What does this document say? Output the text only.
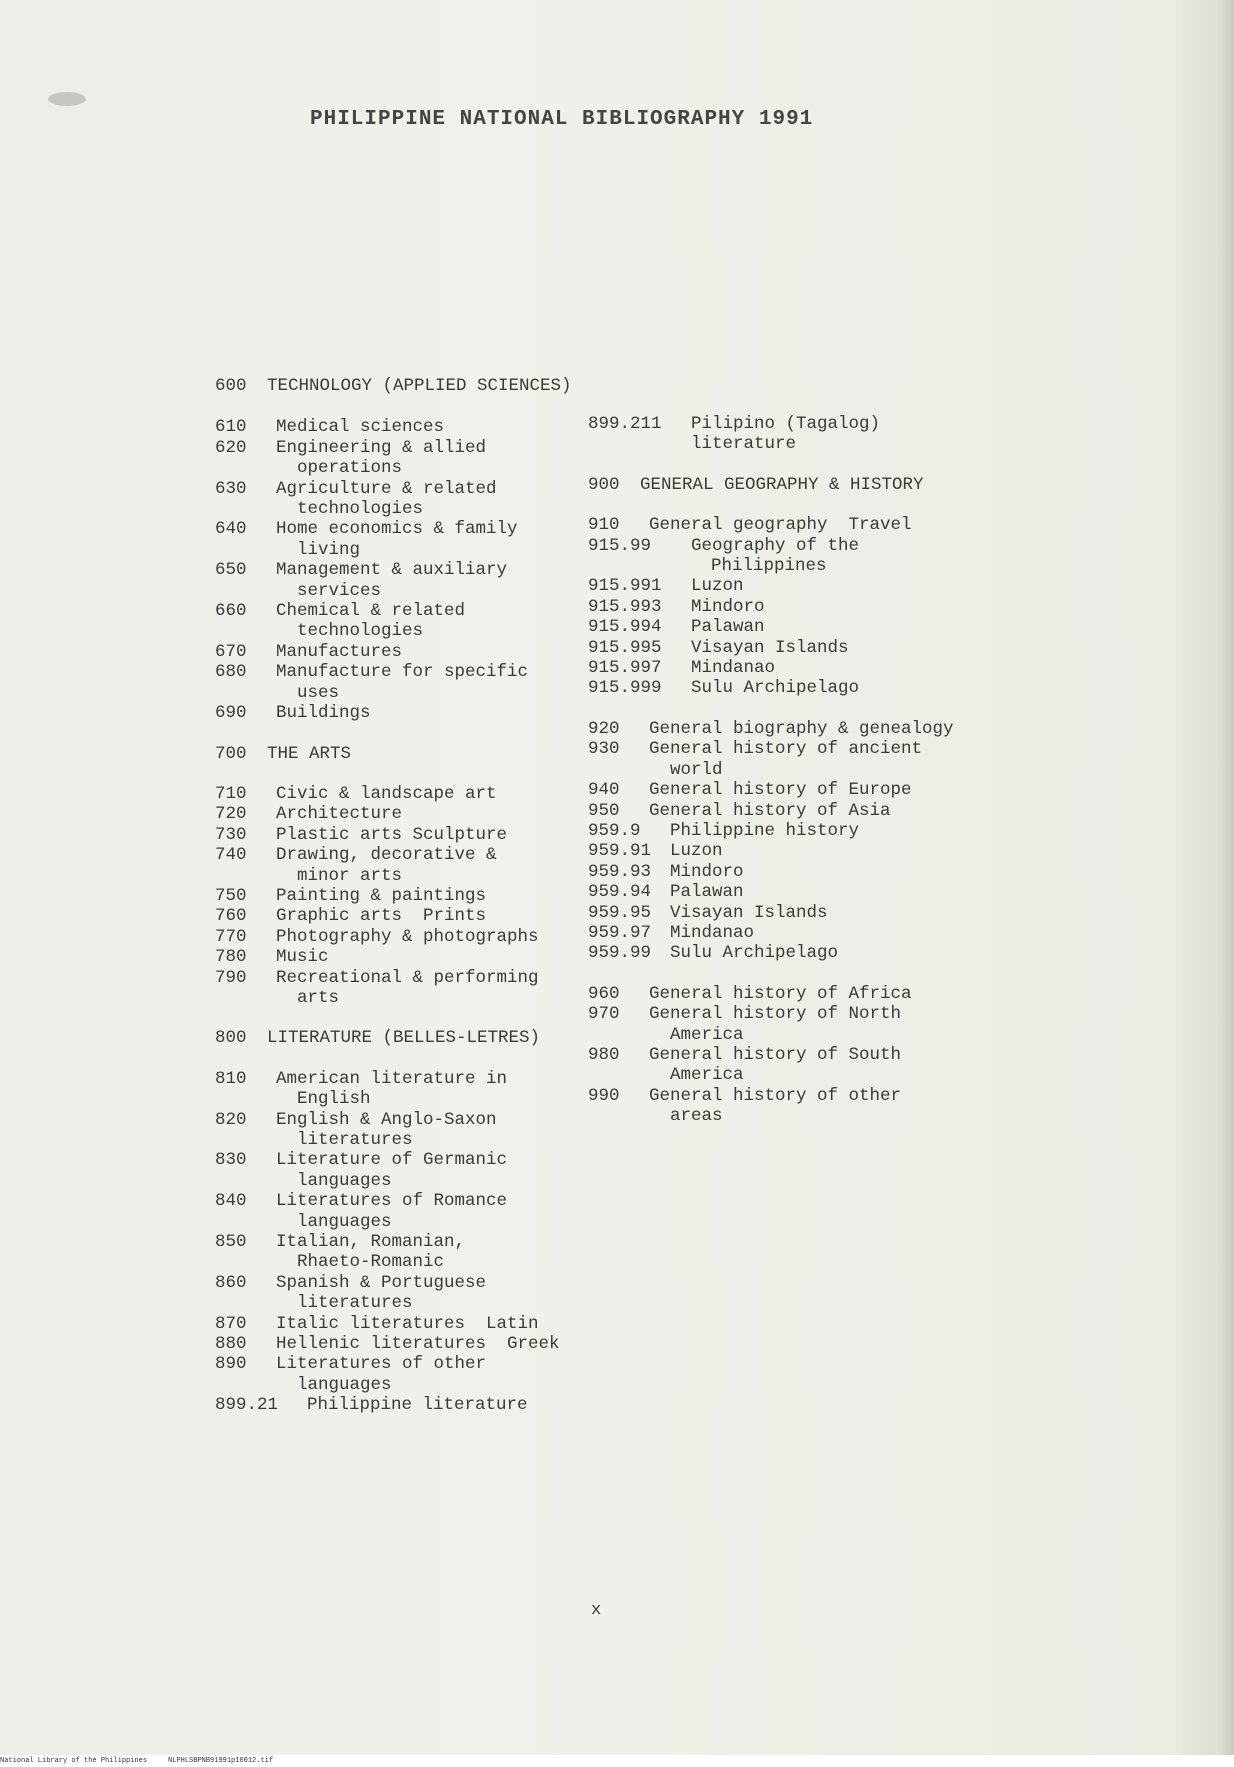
PHILIPPINE NATIONAL BIBLIOGRAPHY 1991
600	TECHNOLOGY (APPLIED SCIENCES)
610	Medical sciences
620	Engineering & allied
operations
630	Agriculture & related
technologies
640	Home economics & family
living
650	Management & auxiliary
services
660	Chemical & related
technologies
670	Manufactures
680	Manufacture for specific
uses
690	Buildings
700	THE ARTS
710	Civic & landscape art
720	Architecture
730	Plastic arts Sculpture
740	Drawing, decorative &
minor arts
750	Painting & paintings
760	Graphic arts  Prints
770	Photography & photographs
780	Music
790	Recreational & performing
arts
800	LITERATURE (BELLES-LETRES)
810	American literature in
English
820	English & Anglo-Saxon
literatures
830	Literature of Germanic
languages
840	Literatures of Romance
languages
850	Italian, Romanian,
Rhaeto-Romanic
860	Spanish & Portuguese
literatures
870	Italic literatures  Latin
880	Hellenic literatures  Greek
890	Literatures of other
languages
899.21	Philippine literature
899.211	Pilipino (Tagalog)
literature
900	GENERAL GEOGRAPHY & HISTORY
910	General geography  Travel
915.99	Geography of the
Philippines
915.991	Luzon
915.993	Mindoro
915.994	Palawan
915.995	Visayan Islands
915.997	Mindanao
915.999	Sulu Archipelago
920	General biography & genealogy
930	General history of ancient
world
940	General history of Europe
950	General history of Asia
959.9	Philippine history
959.91	Luzon
959.93	Mindoro
959.94	Palawan
959.95	Visayan Islands
959.97	Mindanao
959.99	Sulu Archipelago
960	General history of Africa
970	General history of North
America
980	General history of South
America
990	General history of other
areas
x
National Library of the Philippines	NLPHLSBPNB91991p10012.tif
